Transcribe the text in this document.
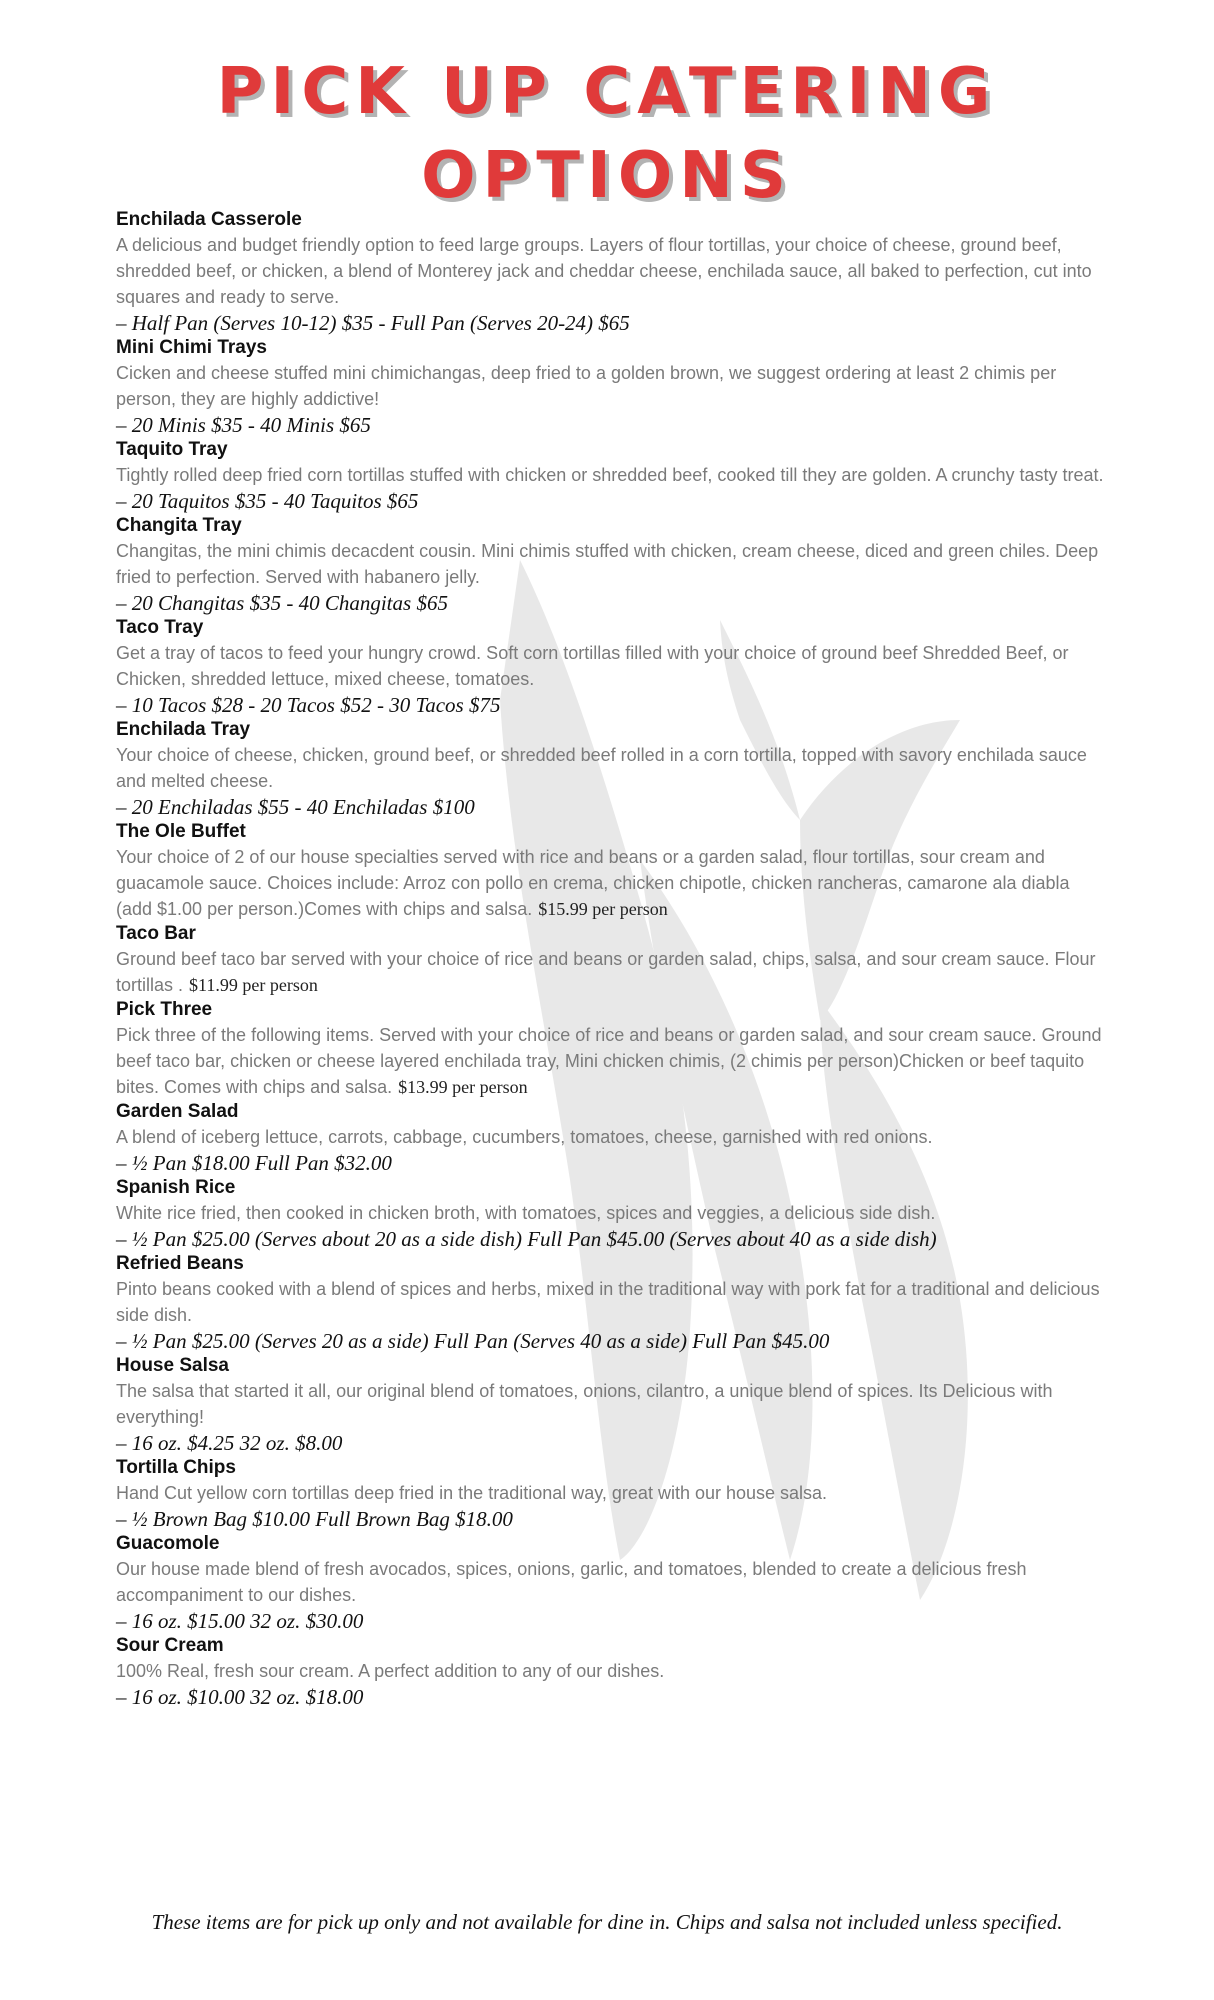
PICK UP CATERING
OPTIONS
Enchilada Casserole
A delicious and budget friendly option to feed large groups. Layers of flour tortillas, your choice of cheese, ground beef, shredded beef, or chicken, a blend of Monterey jack and cheddar cheese, enchilada sauce, all baked to perfection, cut into squares and ready to serve.
– Half Pan (Serves 10-12) $35 - Full Pan (Serves 20-24) $65
Mini Chimi Trays
Cicken and cheese stuffed mini chimichangas, deep fried to a golden brown, we suggest ordering at least 2 chimis per person, they are highly addictive!
– 20 Minis $35 - 40 Minis $65
Taquito Tray
Tightly rolled deep fried corn tortillas stuffed with chicken or shredded beef, cooked till they are golden. A crunchy tasty treat.
– 20 Taquitos $35 - 40 Taquitos $65
Changita Tray
Changitas, the mini chimis decacdent cousin. Mini chimis stuffed with chicken, cream cheese, diced and green chiles. Deep fried to perfection. Served with habanero jelly.
– 20 Changitas $35 - 40 Changitas $65
Taco Tray
Get a tray of tacos to feed your hungry crowd. Soft corn tortillas filled with your choice of ground beef Shredded Beef, or Chicken, shredded lettuce, mixed cheese, tomatoes.
– 10 Tacos $28 - 20 Tacos $52 - 30 Tacos $75
Enchilada Tray
Your choice of cheese, chicken, ground beef, or shredded beef rolled in a corn tortilla, topped with savory enchilada sauce and melted cheese.
– 20 Enchiladas $55 - 40 Enchiladas $100
The Ole Buffet
Your choice of 2 of our house specialties served with rice and beans or a garden salad, flour tortillas, sour cream and guacamole sauce. Choices include: Arroz con pollo en crema, chicken chipotle, chicken rancheras, camarone ala diabla (add $1.00 per person.)Comes with chips and salsa. $15.99 per person
Taco Bar
Ground beef taco bar served with your choice of rice and beans or garden salad, chips, salsa, and sour cream sauce. Flour tortillas . $11.99 per person
Pick Three
Pick three of the following items. Served with your choice of rice and beans or garden salad, and sour cream sauce. Ground beef taco bar, chicken or cheese layered enchilada tray, Mini chicken chimis, (2 chimis per person)Chicken or beef taquito bites. Comes with chips and salsa. $13.99 per person
Garden Salad
A blend of iceberg lettuce, carrots, cabbage, cucumbers, tomatoes, cheese, garnished with red onions.
– ½ Pan $18.00 Full Pan $32.00
Spanish Rice
White rice fried, then cooked in chicken broth, with tomatoes, spices and veggies, a delicious side dish.
– ½ Pan $25.00 (Serves about 20 as a side dish) Full Pan $45.00 (Serves about 40 as a side dish)
Refried Beans
Pinto beans cooked with a blend of spices and herbs, mixed in the traditional way with pork fat for a traditional and delicious side dish.
– ½ Pan $25.00 (Serves 20 as a side) Full Pan (Serves 40 as a side) Full Pan $45.00
House Salsa
The salsa that started it all, our original blend of tomatoes, onions, cilantro, a unique blend of spices. Its Delicious with everything!
– 16 oz. $4.25 32 oz. $8.00
Tortilla Chips
Hand Cut yellow corn tortillas deep fried in the traditional way, great with our house salsa.
– ½ Brown Bag $10.00 Full Brown Bag $18.00
Guacomole
Our house made blend of fresh avocados, spices, onions, garlic, and tomatoes, blended to create a delicious fresh accompaniment to our dishes.
– 16 oz. $15.00 32 oz. $30.00
Sour Cream
100% Real, fresh sour cream. A perfect addition to any of our dishes.
– 16 oz. $10.00 32 oz. $18.00
These items are for pick up only and not available for dine in. Chips and salsa not included unless specified.
